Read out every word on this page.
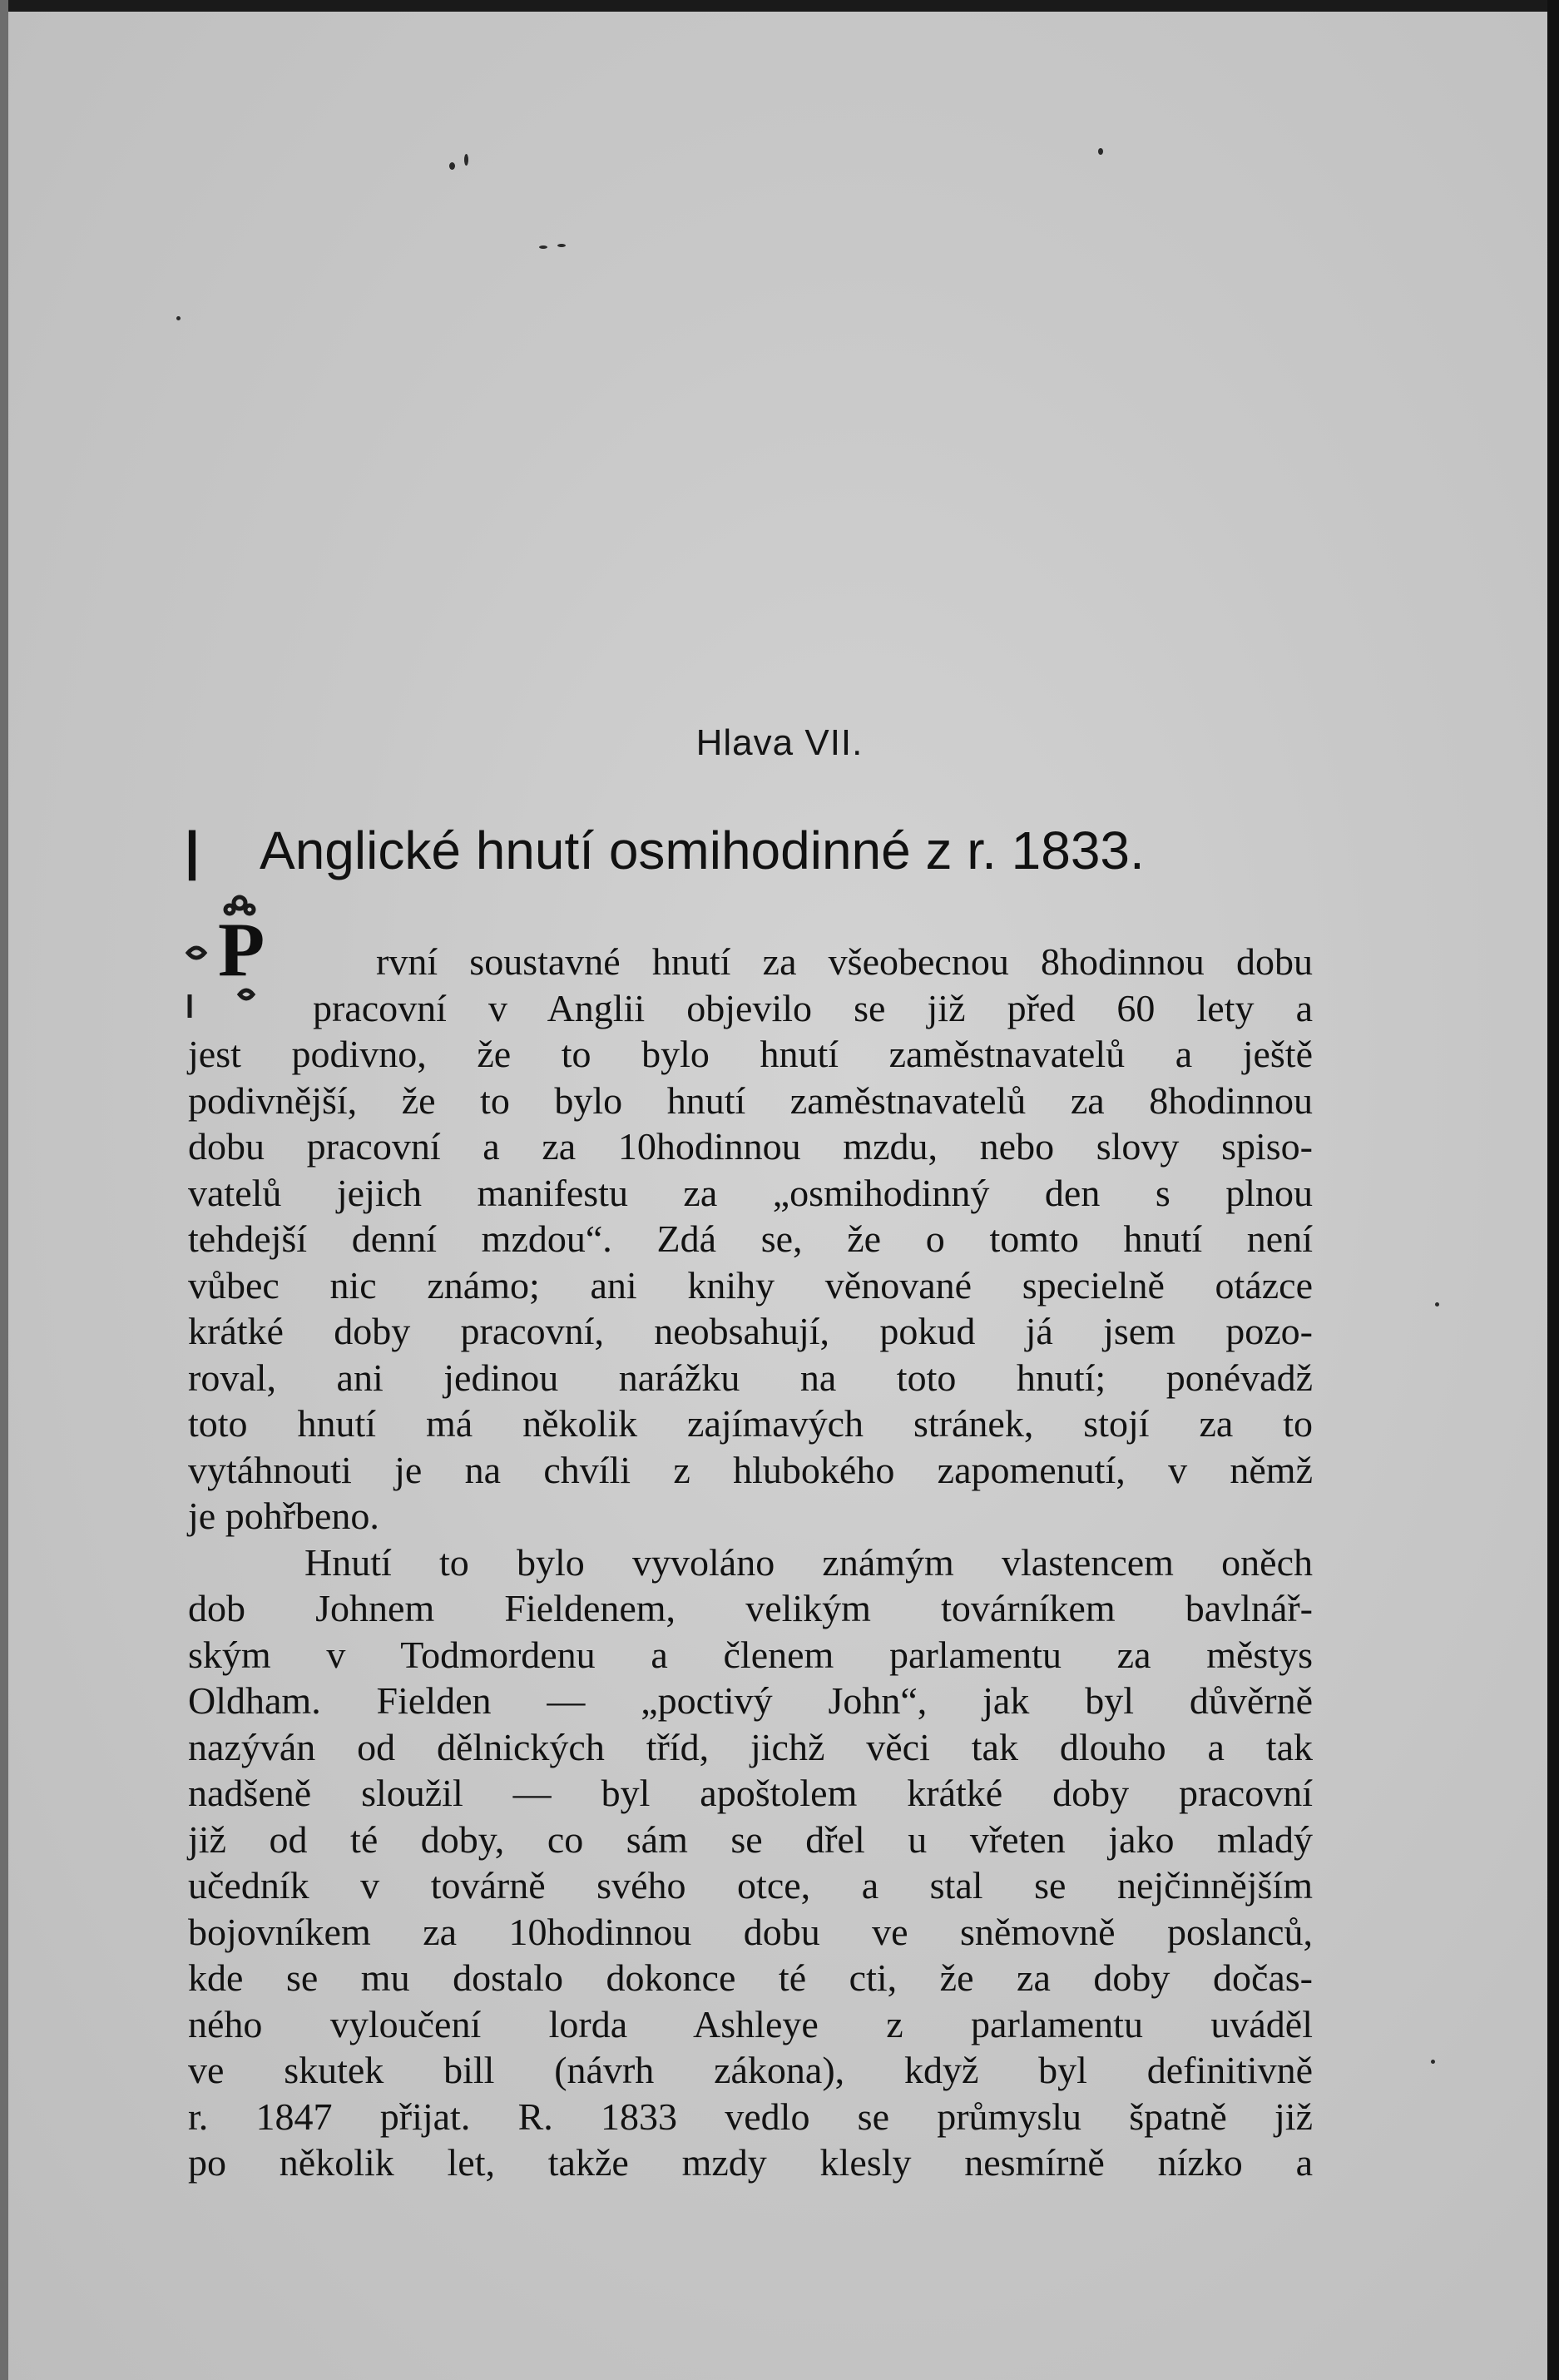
Hlava VII.
| Anglické hnutí osmihodinné z r. 1833.
P	rvní soustavné hnutí za všeobecnou 8hodinnou dobu
pracovní v Anglii objevilo se již před 60 lety a
jest podivno, že to bylo hnutí zaměstnavatelů a ještě
podivnější, že to bylo hnutí zaměstnavatelů za 8hodinnou
dobu pracovní a za 10hodinnou mzdu, nebo slovy spiso-
vatelů jejich manifestu za „osmihodinný den s plnou
tehdejší denní mzdou“. Zdá se, že o tomto hnutí není
vůbec nic známo; ani knihy věnované specielně otázce
krátké doby pracovní, neobsahují, pokud já jsem pozo-
roval, ani jedinou narážku na toto hnutí; ponévadž
toto hnutí má několik zajímavých stránek, stojí za to
vytáhnouti je na chvíli z hlubokého zapomenutí, v němž
je pohřbeno.
Hnutí to bylo vyvoláno známým vlastencem oněch
dob Johnem Fieldenem, velikým továrníkem bavlnář-
ským v Todmordenu a členem parlamentu za městys
Oldham. Fielden — „poctivý John“, jak byl důvěrně
nazýván od dělnických tříd, jichž věci tak dlouho a tak
nadšeně sloužil — byl apoštolem krátké doby pracovní
již od té doby, co sám se dřel u vřeten jako mladý
učedník v továrně svého otce, a stal se nejčinnějším
bojovníkem za 10hodinnou dobu ve sněmovně poslanců,
kde se mu dostalo dokonce té cti, že za doby dočas-
ného vyloučení lorda Ashleye z parlamentu uváděl
ve skutek bill (návrh zákona), když byl definitivně
r. 1847 přijat. R. 1833 vedlo se průmyslu špatně již
po několik let, takže mzdy klesly nesmírně nízko a
